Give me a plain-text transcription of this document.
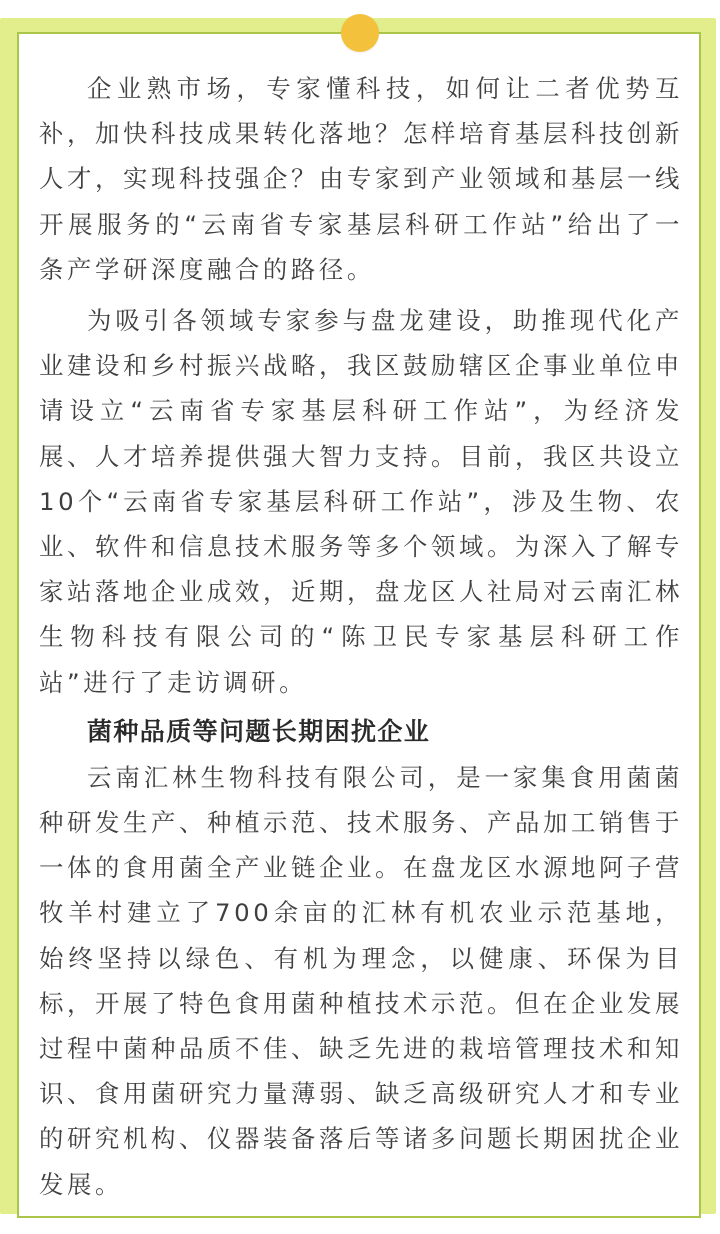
企业熟市场，专家懂科技，如何让二者优势互补，加快科技成果转化落地？怎样培育基层科技创新人才，实现科技强企？由专家到产业领域和基层一线开展服务的“云南省专家基层科研工作站”给出了一条产学研深度融合的路径。

为吸引各领域专家参与盘龙建设，助推现代化产业建设和乡村振兴战略，我区鼓励辖区企事业单位申请设立“云南省专家基层科研工作站”，为经济发展、人才培养提供强大智力支持。目前，我区共设立10个“云南省专家基层科研工作站”，涉及生物、农业、软件和信息技术服务等多个领域。为深入了解专家站落地企业成效，近期，盘龙区人社局对云南汇林生物科技有限公司的“陈卫民专家基层科研工作站”进行了走访调研。

菌种品质等问题长期困扰企业

云南汇林生物科技有限公司，是一家集食用菌菌种研发生产、种植示范、技术服务、产品加工销售于一体的食用菌全产业链企业。在盘龙区水源地阿子营牧羊村建立了700余亩的汇林有机农业示范基地，始终坚持以绿色、有机为理念，以健康、环保为目标，开展了特色食用菌种植技术示范。但在企业发展过程中菌种品质不佳、缺乏先进的栽培管理技术和知识、食用菌研究力量薄弱、缺乏高级研究人才和专业的研究机构、仪器装备落后等诸多问题长期困扰企业发展。
